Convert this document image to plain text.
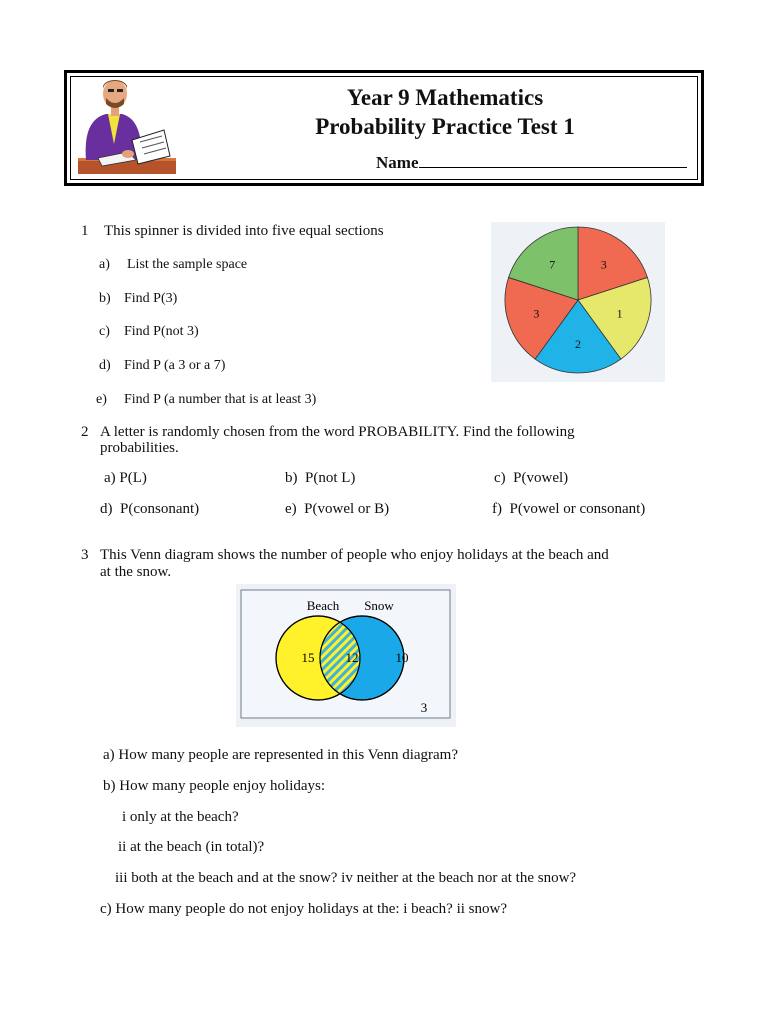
Year 9 Mathematics
Probability Practice Test 1
Name
1 This spinner is divided into five equal sections
a) List the sample space
b) Find P(3)
c) Find P(not 3)
d) Find P (a 3 or a 7)
e) Find P (a number that is at least 3)
3
1
2
3
7
2 A letter is randomly chosen from the word PROBABILITY. Find the following
probabilities.
a) P(L)	b) P(not L)	c) P(vowel)
d) P(consonant)	e) P(vowel or B)	f) P(vowel or consonant)
3 This Venn diagram shows the number of people who enjoy holidays at the beach and
at the snow.
Beach Snow
15 12	10
3
a) How many people are represented in this Venn diagram?
b) How many people enjoy holidays:
i only at the beach?
ii at the beach (in total)?
iii both at the beach and at the snow? iv neither at the beach nor at the snow?
c) How many people do not enjoy holidays at the: i beach? ii snow?
